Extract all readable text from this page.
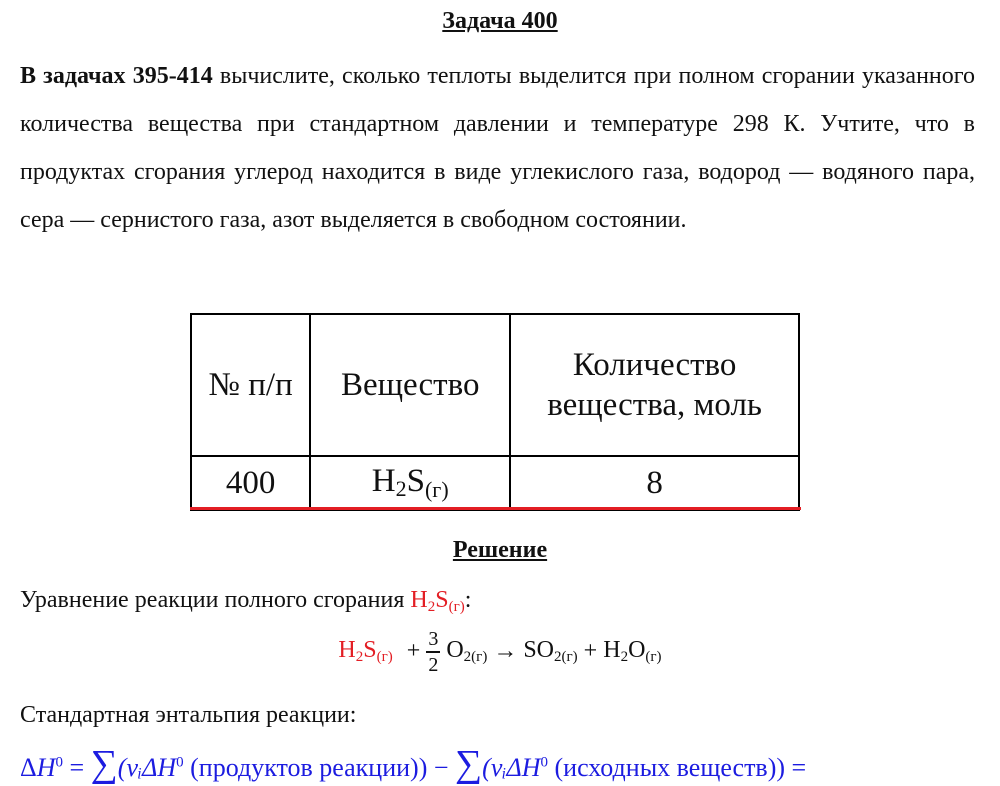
Задача 400
В задачах 395-414 вычислите, сколько теплоты выделится при полном сгорании указанного количества вещества при стандартном давлении и температуре 298 К. Учтите, что в продуктах сгорания углерод находится в виде углекислого газа, водород — водяного пара, сера — сернистого газа, азот выделяется в свободном состоянии.
№ п/п	Вещество	Количество вещества, моль
400	$H_2S_{(г)}$	8
Решение
Уравнение реакции полного сгорания $H_2S_{(г)}$:
$H_2S_{(г)} + \frac{3}{2} O_{2(г)} \to SO_{2(г)} + H_2O_{(г)}$
Стандартная энтальпия реакции:
$\Delta H^0$ = ∑(νᵢΔH$^0$ (продуктов реакции)) − ∑(νᵢΔH$^0$ (исходных веществ)) =
